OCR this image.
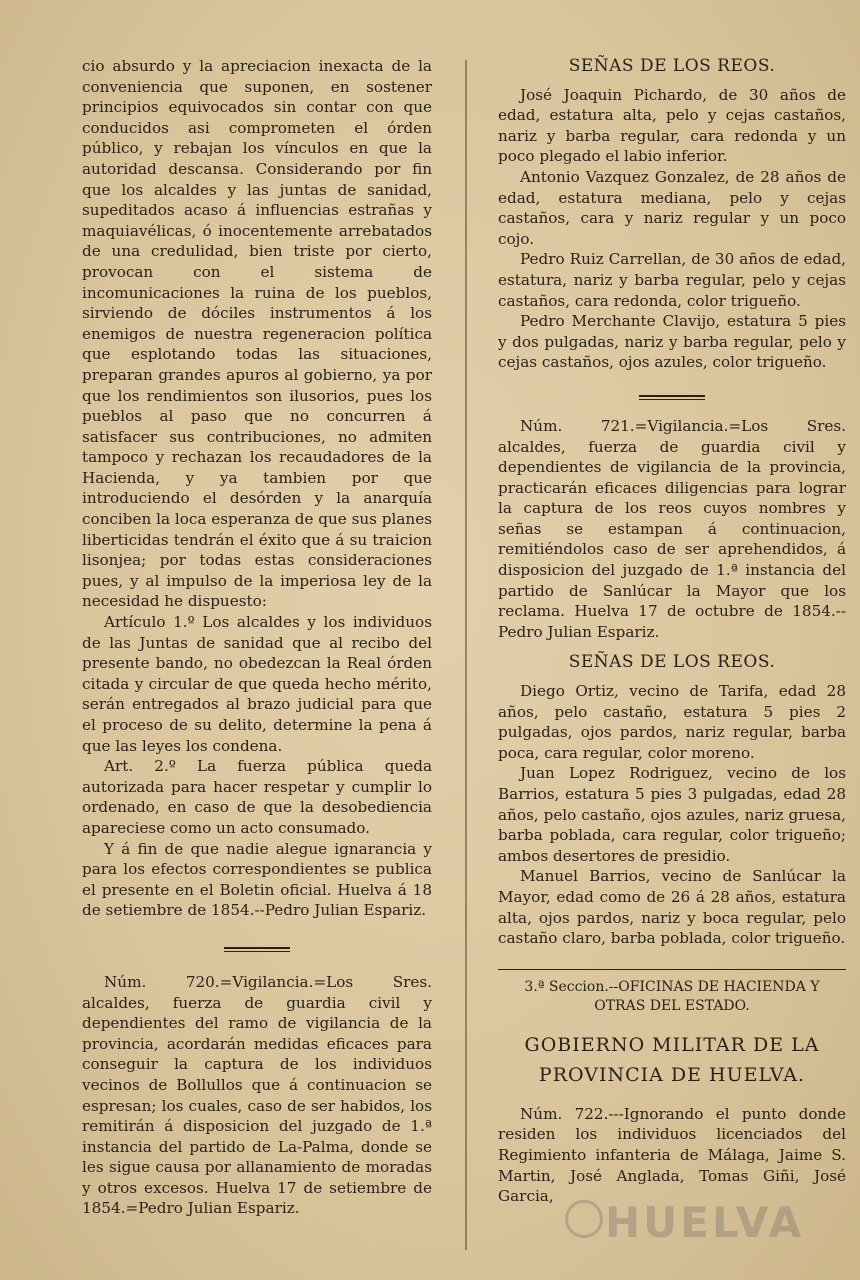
cio absurdo y la apreciacion inexacta de la conveniencia que suponen, en sostener principios equivocados sin contar con que conducidos asi comprometen el órden público, y rebajan los vínculos en que la autoridad descansa. Considerando por fin que los alcaldes y las juntas de sanidad, supeditados acaso á influencias estrañas y maquiavélicas, ó inocentemente arrebatados de una credulidad, bien triste por cierto, provocan con el sistema de incomunicaciones la ruina de los pueblos, sirviendo de dóciles instrumentos á los enemigos de nuestra regeneracion política que esplotando todas las situaciones, preparan grandes apuros al gobierno, ya por que los rendimientos son ilusorios, pues los pueblos al paso que no concurren á satisfacer sus contribuciones, no admiten tampoco y rechazan los recaudadores de la Hacienda, y ya tambien por que introduciendo el desórden y la anarquía conciben la loca esperanza de que sus planes liberticidas tendrán el éxito que á su traicion lisonjea; por todas estas consideraciones pues, y al impulso de la imperiosa ley de la necesidad he dispuesto:

Artículo 1.º Los alcaldes y los individuos de las Juntas de sanidad que al recibo del presente bando, no obedezcan la Real órden citada y circular de que queda hecho mérito, serán entregados al brazo judicial para que el proceso de su delito, determine la pena á que las leyes los condena.

Art. 2.º La fuerza pública queda autorizada para hacer respetar y cumplir lo ordenado, en caso de que la desobediencia apareciese como un acto consumado.

Y á fin de que nadie alegue ignarancia y para los efectos correspondientes se publica el presente en el Boletin oficial. Huelva á 18 de setiembre de 1854.--Pedro Julian Espariz.

Núm. 720.=Vigilancia.=Los Sres. alcaldes, fuerza de guardia civil y dependientes del ramo de vigilancia de la provincia, acordarán medidas eficaces para conseguir la captura de los individuos vecinos de Bollullos que á continuacion se espresan; los cuales, caso de ser habidos, los remitirán á disposicion del juzgado de 1.ª instancia del partido de La-Palma, donde se les sigue causa por allanamiento de moradas y otros excesos. Huelva 17 de setiembre de 1854.=Pedro Julian Espariz.

SEÑAS DE LOS REOS.

José Joaquin Pichardo, de 30 años de edad, estatura alta, pelo y cejas castaños, nariz y barba regular, cara redonda y un poco plegado el labio inferior.

Antonio Vazquez Gonzalez, de 28 años de edad, estatura mediana, pelo y cejas castaños, cara y nariz regular y un poco cojo.

Pedro Ruiz Carrellan, de 30 años de edad, estatura, nariz y barba regular, pelo y cejas castaños, cara redonda, color trigueño.

Pedro Merchante Clavijo, estatura 5 pies y dos pulgadas, nariz y barba regular, pelo y cejas castaños, ojos azules, color trigueño.

Núm. 721.=Vigilancia.=Los Sres. alcaldes, fuerza de guardia civil y dependientes de vigilancia de la provincia, practicarán eficaces diligencias para lograr la captura de los reos cuyos nombres y señas se estampan á continuacion, remitiéndolos caso de ser aprehendidos, á disposicion del juzgado de 1.ª instancia del partido de Sanlúcar la Mayor que los reclama. Huelva 17 de octubre de 1854.--Pedro Julian Espariz.

SEÑAS DE LOS REOS.

Diego Ortiz, vecino de Tarifa, edad 28 años, pelo castaño, estatura 5 pies 2 pulgadas, ojos pardos, nariz regular, barba poca, cara regular, color moreno.

Juan Lopez Rodriguez, vecino de los Barrios, estatura 5 pies 3 pulgadas, edad 28 años, pelo castaño, ojos azules, nariz gruesa, barba poblada, cara regular, color trigueño; ambos desertores de presidio.

Manuel Barrios, vecino de Sanlúcar la Mayor, edad como de 26 á 28 años, estatura alta, ojos pardos, nariz y boca regular, pelo castaño claro, barba poblada, color trigueño.

3.ª Seccion.--OFICINAS DE HACIENDA Y OTRAS DEL ESTADO.
GOBIERNO MILITAR DE LA PROVINCIA DE HUELVA.

Núm. 722.---Ignorando el punto donde residen los individuos licenciados del Regimiento infanteria de Málaga, Jaime S. Martin, José Anglada, Tomas Giñi, José Garcia,

HUELVA
